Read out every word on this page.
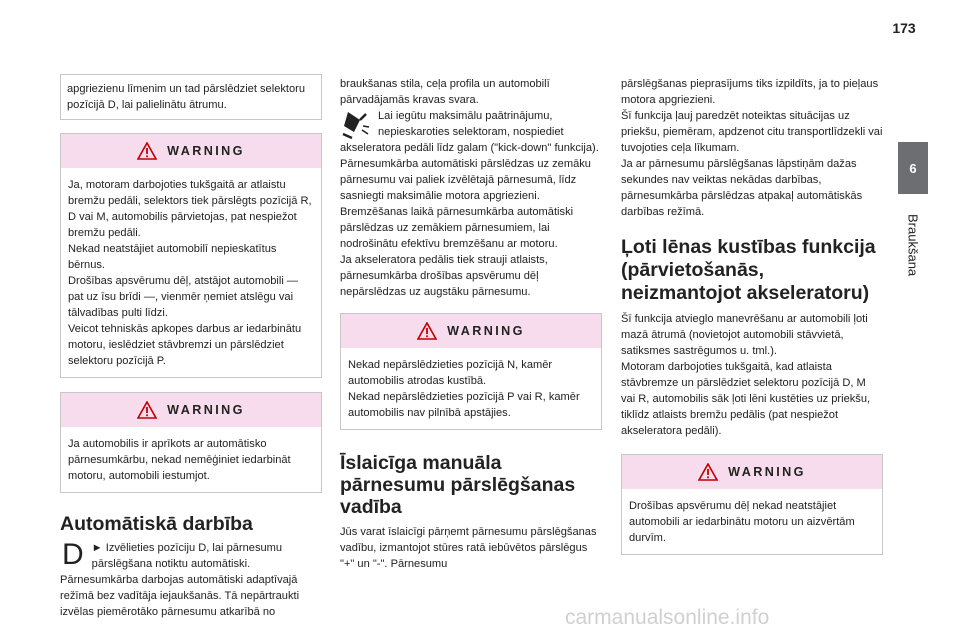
173
6
Braukšana

apgriezienu līmenim un tad pārslēdziet selektoru pozīcijā D, lai palielinātu ātrumu.

WARNING

Ja, motoram darbojoties tukšgaitā ar atlaistu bremžu pedāli, selektors tiek pārslēgts pozīcijā R, D vai M, automobilis pārvietojas, pat nespiežot bremžu pedāli.

Nekad neatstājiet automobilī nepieskatītus bērnus.

Drošības apsvērumu dēļ, atstājot automobili — pat uz īsu brīdi —, vienmēr ņemiet atslēgu vai tālvadības pulti līdzi.

Veicot tehniskās apkopes darbus ar iedarbinātu motoru, ieslēdziet stāvbremzi un pārslēdziet selektoru pozīcijā P.

WARNING

Ja automobilis ir aprīkots ar automātisko pārnesumkārbu, nekad nemēģiniet iedarbināt motoru, automobili iestumjot.

Automātiskā darbība
D ► Izvēlieties pozīciju D, lai pārnesumu pārslēgšana notiktu automātiski.

Pārnesumkārba darbojas automātiski adaptīvajā režīmā bez vadītāja iejaukšanās. Tā nepārtraukti izvēlas piemērotāko pārnesumu atkarībā no

braukšanas stila, ceļa profila un automobilī pārvadājamās kravas svara.

Lai iegūtu maksimālu paātrinājumu, nepieskaroties selektoram, nospiediet akseleratora pedāli līdz galam ("kick-down" funkcija).

Pārnesumkārba automātiski pārslēdzas uz zemāku pārnesumu vai paliek izvēlētajā pārnesumā, līdz sasniegti maksimālie motora apgriezieni.

Bremzēšanas laikā pārnesumkārba automātiski pārslēdzas uz zemākiem pārnesumiem, lai nodrošinātu efektīvu bremzēšanu ar motoru.

Ja akseleratora pedālis tiek strauji atlaists, pārnesumkārba drošības apsvērumu dēļ nepārslēdzas uz augstāku pārnesumu.

WARNING

Nekad nepārslēdzieties pozīcijā N, kamēr automobilis atrodas kustībā.

Nekad nepārslēdzieties pozīcijā P vai R, kamēr automobilis nav pilnībā apstājies.

Īslaicīga manuāla pārnesumu pārslēgšanas vadība

Jūs varat īslaicīgi pārņemt pārnesumu pārslēgšanas vadību, izmantojot stūres ratā iebūvētos pārslēgus "+" un "-". Pārnesumu

pārslēgšanas pieprasījums tiks izpildīts, ja to pieļaus motora apgriezieni.

Šī funkcija ļauj paredzēt noteiktas situācijas uz priekšu, piemēram, apdzenot citu transportlīdzekli vai tuvojoties ceļa līkumam.

Ja ar pārnesumu pārslēgšanas lāpstiņām dažas sekundes nav veiktas nekādas darbības, pārnesumkārba pārslēdzas atpakaļ automātiskās darbības režīmā.

Ļoti lēnas kustības funkcija (pārvietošanās, neizmantojot akseleratoru)

Šī funkcija atvieglo manevrēšanu ar automobili ļoti mazā ātrumā (novietojot automobili stāvvietā, satiksmes sastrēgumos u. tml.).

Motoram darbojoties tukšgaitā, kad atlaista stāvbremze un pārslēdziet selektoru pozīcijā D, M vai R, automobilis sāk ļoti lēni kustēties uz priekšu, tiklīdz atlaists bremžu pedālis (pat nespiežot akseleratora pedāli).

WARNING

Drošības apsvērumu dēļ nekad neatstājiet automobili ar iedarbinātu motoru un aizvērtām durvīm.

carmanualsonline.info
